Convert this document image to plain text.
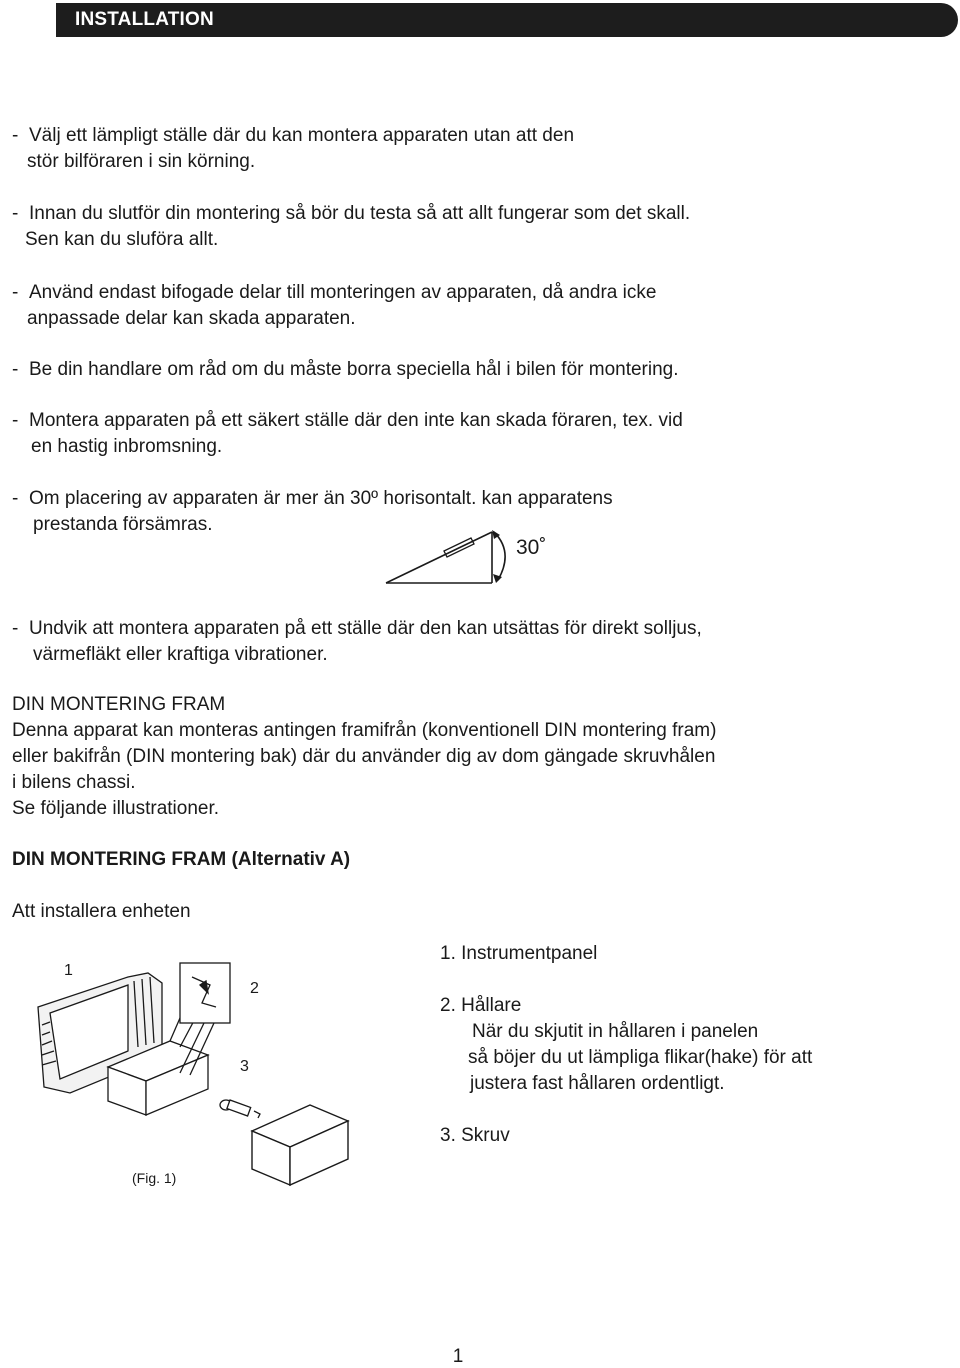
INSTALLATION
- Välj ett lämpligt ställe där du kan montera apparaten utan att den
stör bilföraren i sin körning.
- Innan du slutför din montering så bör du testa så att allt fungerar som det skall.
Sen kan du sluföra allt.
- Använd endast bifogade delar till monteringen av apparaten, då andra icke
anpassade delar kan skada apparaten.
- Be din handlare om råd om du måste borra speciella hål i bilen för montering.
- Montera apparaten på ett säkert ställe där den inte kan skada föraren, tex. vid
en hastig inbromsning.
- Om placering av apparaten är mer än 30º horisontalt. kan apparatens
prestanda försämras.
- Undvik att montera apparaten på ett ställe där den kan utsättas för direkt solljus,
värmefläkt eller kraftiga vibrationer.
30˚
DIN MONTERING FRAM
Denna apparat kan monteras antingen framifrån (konventionell DIN montering fram)
eller bakifrån (DIN montering bak) där du använder dig av dom gängade skruvhålen
i bilens chassi.
Se följande illustrationer.
DIN MONTERING FRAM (Alternativ A)
Att installera enheten
1
2
3
(Fig. 1)
1. Instrumentpanel
2. Hållare
När du skjutit in hållaren i panelen
så böjer du ut lämpliga flikar(hake) för att
justera fast hållaren ordentligt.
3. Skruv
1
